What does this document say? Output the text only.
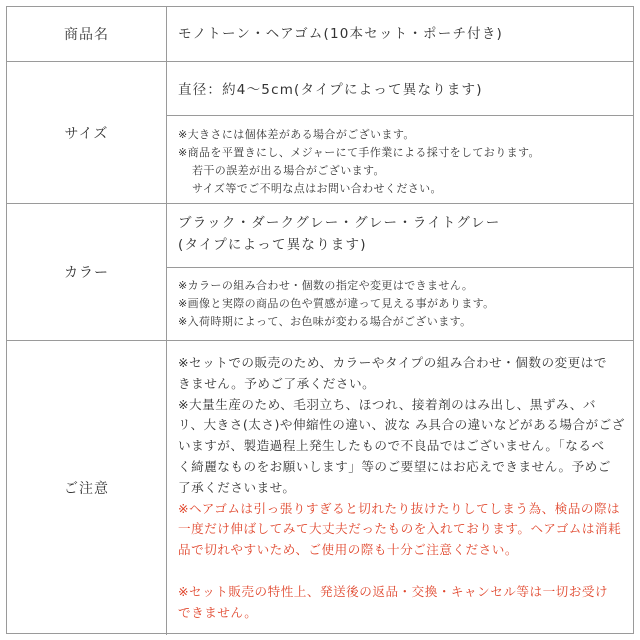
商品名	モノトーン・ヘアゴム(10本セット・ポーチ付き)
サイズ
直径：約4〜5cm(タイプによって異なります)
※大きさには個体差がある場合がございます。
※商品を平置きにし、メジャーにて手作業による採寸をしております。
若干の誤差が出る場合がございます。
サイズ等でご不明な点はお問い合わせください。
カラー
ブラック・ダークグレー・グレー・ライトグレー
(タイプによって異なります)
※カラーの組み合わせ・個数の指定や変更はできません。
※画像と実際の商品の色や質感が違って見える事があります。
※入荷時期によって、お色味が変わる場合がございます。
ご注意
※セットでの販売のため、カラーやタイプの組み合わせ・個数の変更はで
きません。予めご了承ください。
※大量生産のため、毛羽立ち、ほつれ、接着剤のはみ出し、黒ずみ、バ
リ、大きさ(太さ)や伸縮性の違い、波な み具合の違いなどがある場合がござ
いますが、製造過程上発生したもので不良品ではございません。「なるべ
く綺麗なものをお願いします」等のご要望にはお応えできません。予めご
了承くださいませ。
※ヘアゴムは引っ張りすぎると切れたり抜けたりしてしまう為、検品の際は
一度だけ伸ばしてみて大丈夫だったものを入れております。ヘアゴムは消耗
品で切れやすいため、ご使用の際も十分ご注意ください。

※セット販売の特性上、発送後の返品・交換・キャンセル等は一切お受け
できません。
